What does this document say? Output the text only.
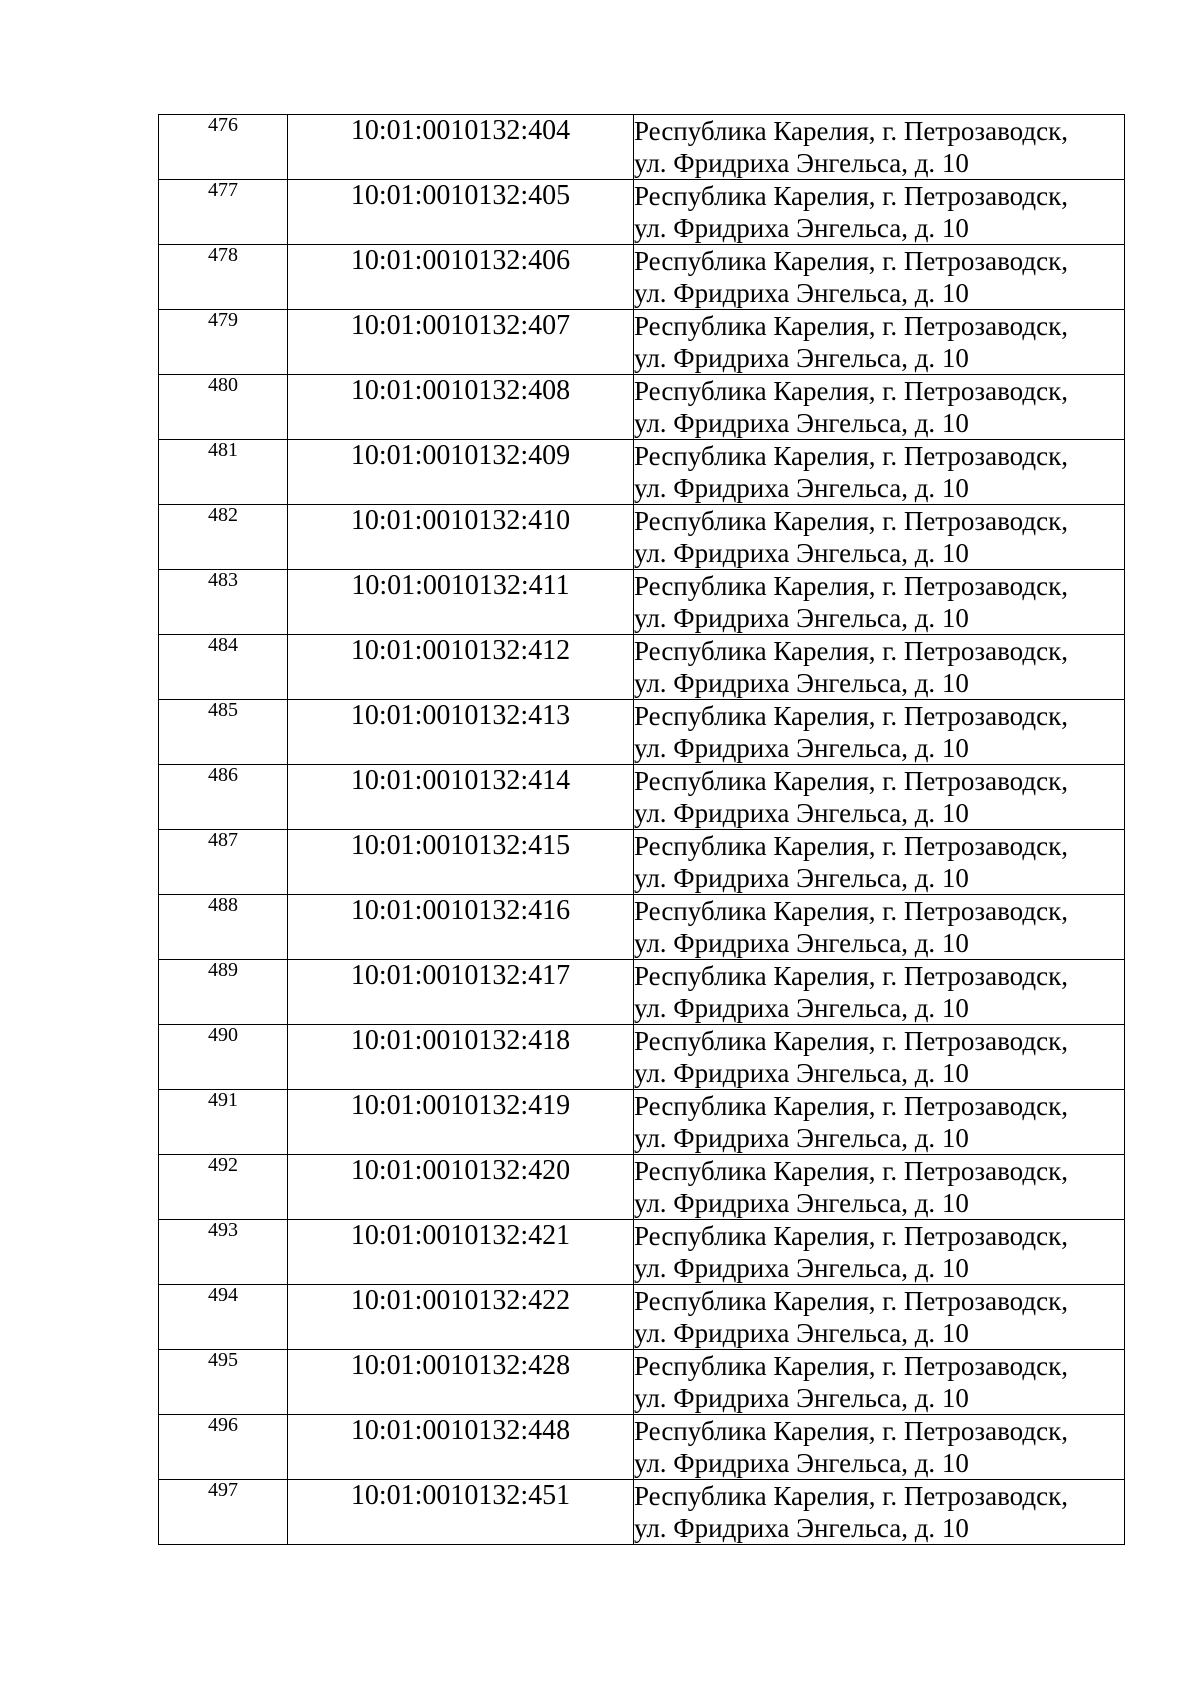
476	10:01:0010132:404	Республика Карелия, г. Петрозаводск,
ул. Фридриха Энгельса, д. 10

477	10:01:0010132:405	Республика Карелия, г. Петрозаводск,
ул. Фридриха Энгельса, д. 10

478	10:01:0010132:406	Республика Карелия, г. Петрозаводск,
ул. Фридриха Энгельса, д. 10

479	10:01:0010132:407	Республика Карелия, г. Петрозаводск,
ул. Фридриха Энгельса, д. 10

480	10:01:0010132:408	Республика Карелия, г. Петрозаводск,
ул. Фридриха Энгельса, д. 10

481	10:01:0010132:409	Республика Карелия, г. Петрозаводск,
ул. Фридриха Энгельса, д. 10

482	10:01:0010132:410	Республика Карелия, г. Петрозаводск,
ул. Фридриха Энгельса, д. 10

483	10:01:0010132:411	Республика Карелия, г. Петрозаводск,
ул. Фридриха Энгельса, д. 10

484	10:01:0010132:412	Республика Карелия, г. Петрозаводск,
ул. Фридриха Энгельса, д. 10

485	10:01:0010132:413	Республика Карелия, г. Петрозаводск,
ул. Фридриха Энгельса, д. 10

486	10:01:0010132:414	Республика Карелия, г. Петрозаводск,
ул. Фридриха Энгельса, д. 10

487	10:01:0010132:415	Республика Карелия, г. Петрозаводск,
ул. Фридриха Энгельса, д. 10

488	10:01:0010132:416	Республика Карелия, г. Петрозаводск,
ул. Фридриха Энгельса, д. 10

489	10:01:0010132:417	Республика Карелия, г. Петрозаводск,
ул. Фридриха Энгельса, д. 10

490	10:01:0010132:418	Республика Карелия, г. Петрозаводск,
ул. Фридриха Энгельса, д. 10

491	10:01:0010132:419	Республика Карелия, г. Петрозаводск,
ул. Фридриха Энгельса, д. 10

492	10:01:0010132:420	Республика Карелия, г. Петрозаводск,
ул. Фридриха Энгельса, д. 10

493	10:01:0010132:421	Республика Карелия, г. Петрозаводск,
ул. Фридриха Энгельса, д. 10

494	10:01:0010132:422	Республика Карелия, г. Петрозаводск,
ул. Фридриха Энгельса, д. 10

495	10:01:0010132:428	Республика Карелия, г. Петрозаводск,
ул. Фридриха Энгельса, д. 10

496	10:01:0010132:448	Республика Карелия, г. Петрозаводск,
ул. Фридриха Энгельса, д. 10

497	10:01:0010132:451	Республика Карелия, г. Петрозаводск,
ул. Фридриха Энгельса, д. 10
